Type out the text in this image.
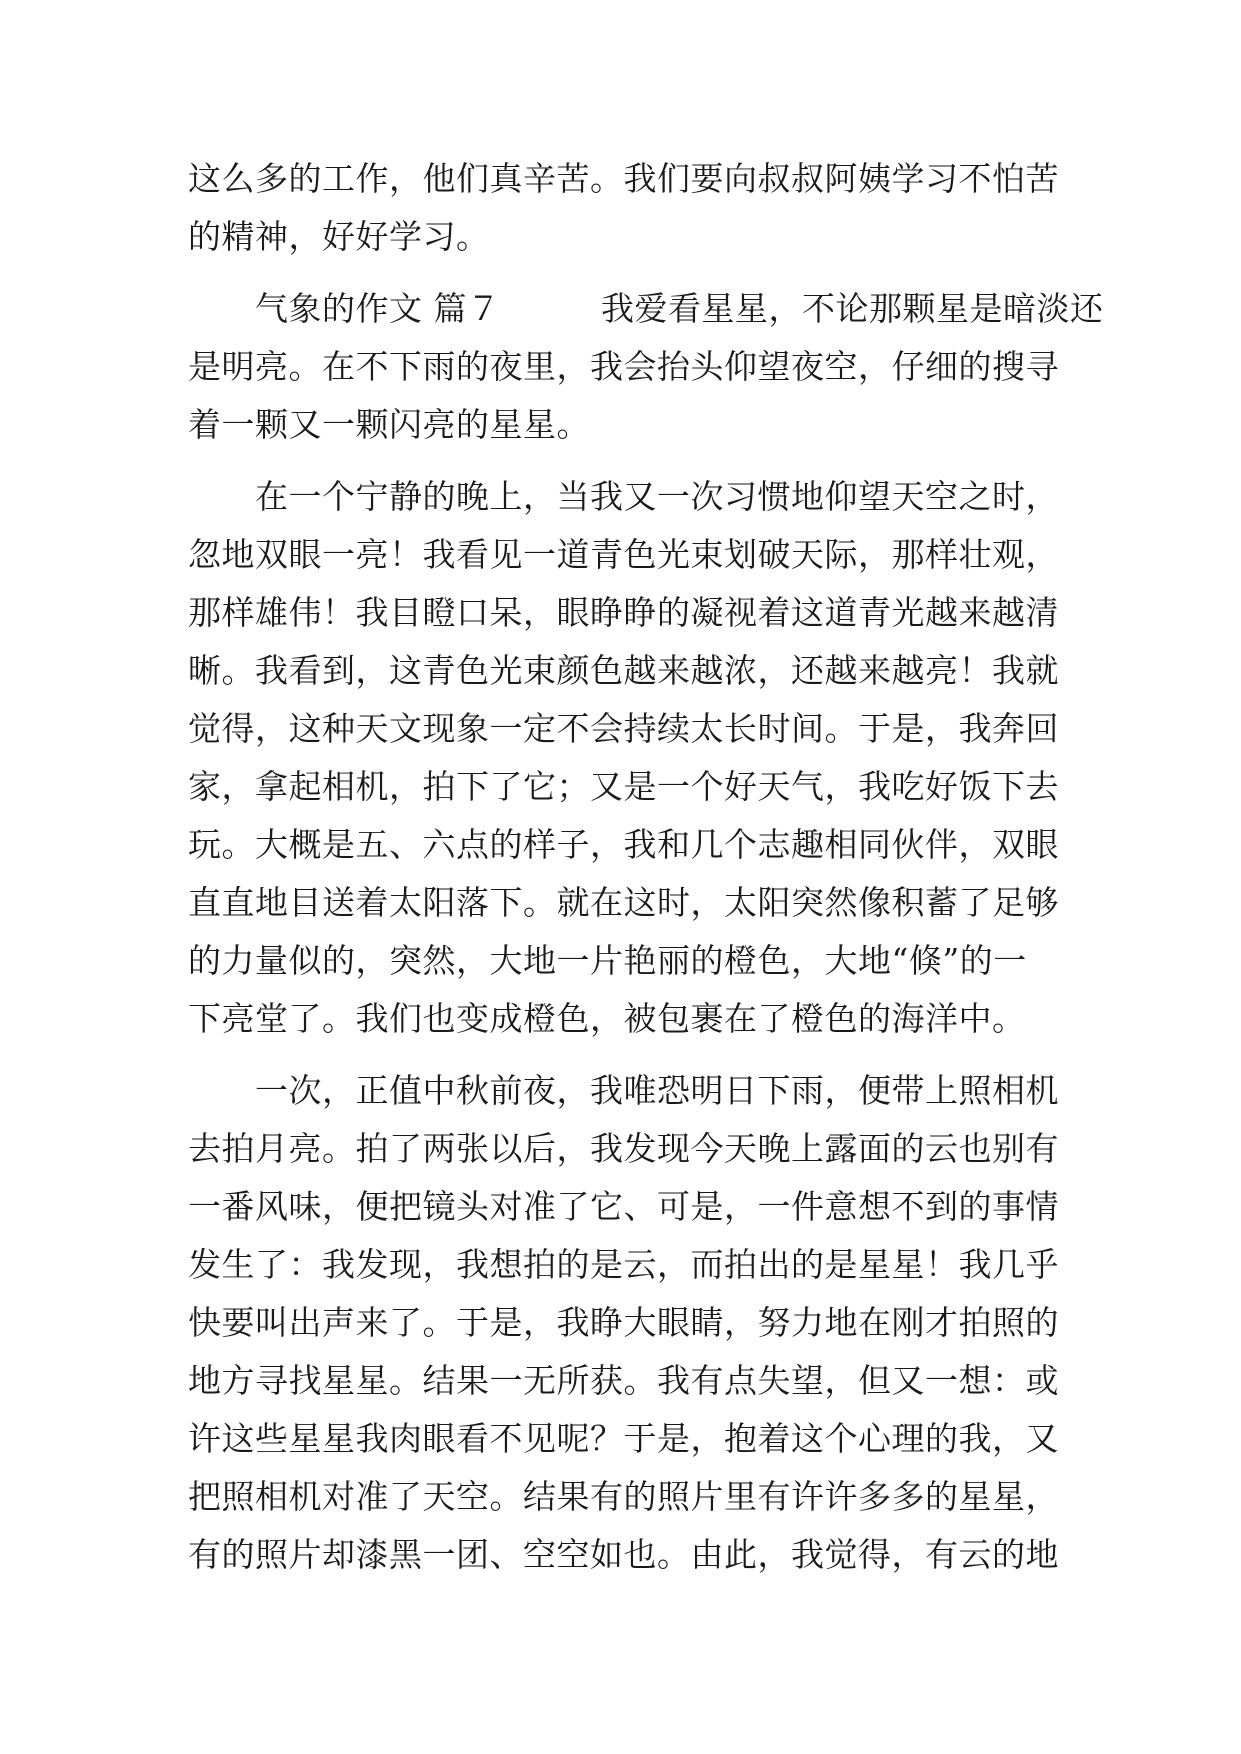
这么多的工作，他们真辛苦。我们要向叔叔阿姨学习不怕苦
的精神，好好学习。
　　气象的作文 篇７　　　我爱看星星，不论那颗星是暗淡还
是明亮。在不下雨的夜里，我会抬头仰望夜空，仔细的搜寻
着一颗又一颗闪亮的星星。
　　在一个宁静的晚上，当我又一次习惯地仰望天空之时，
忽地双眼一亮！我看见一道青色光束划破天际，那样壮观，
那样雄伟！我目瞪口呆，眼睁睁的凝视着这道青光越来越清
晰。我看到，这青色光束颜色越来越浓，还越来越亮！我就
觉得，这种天文现象一定不会持续太长时间。于是，我奔回
家，拿起相机，拍下了它；又是一个好天气，我吃好饭下去
玩。大概是五、六点的样子，我和几个志趣相同伙伴，双眼
直直地目送着太阳落下。就在这时，太阳突然像积蓄了足够
的力量似的，突然，大地一片艳丽的橙色，大地“倏”的一
下亮堂了。我们也变成橙色，被包裹在了橙色的海洋中。
　　一次，正值中秋前夜，我唯恐明日下雨，便带上照相机
去拍月亮。拍了两张以后，我发现今天晚上露面的云也别有
一番风味，便把镜头对准了它、可是，一件意想不到的事情
发生了：我发现，我想拍的是云，而拍出的是星星！我几乎
快要叫出声来了。于是，我睁大眼睛，努力地在刚才拍照的
地方寻找星星。结果一无所获。我有点失望，但又一想：或
许这些星星我肉眼看不见呢？于是，抱着这个心理的我，又
把照相机对准了天空。结果有的照片里有许许多多的星星，
有的照片却漆黑一团、空空如也。由此，我觉得，有云的地
